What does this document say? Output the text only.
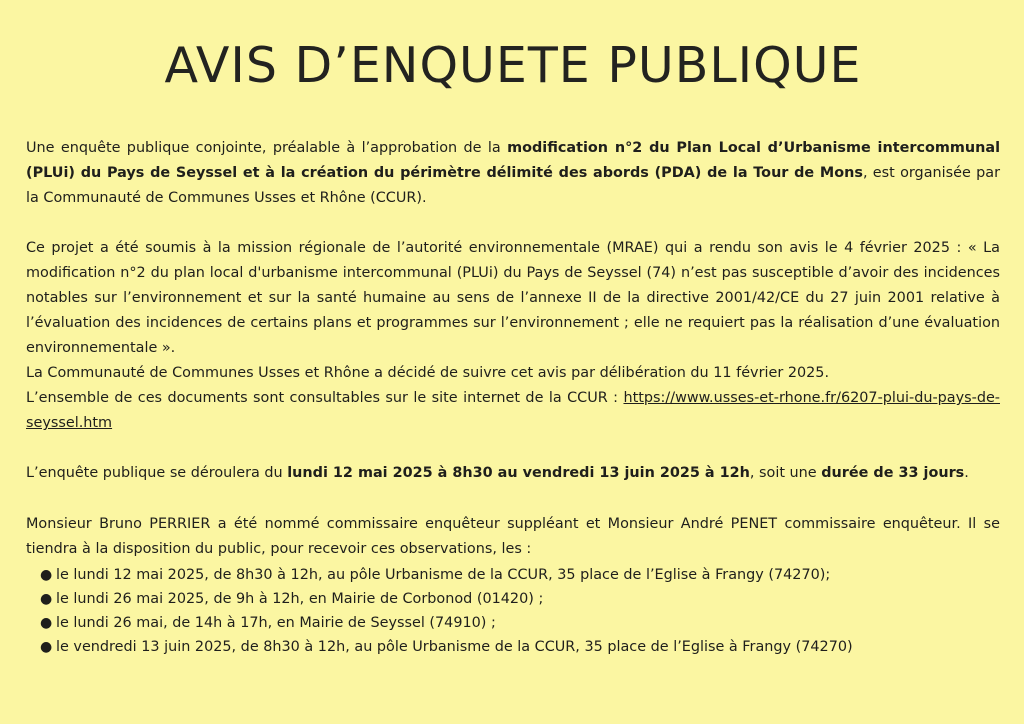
AVIS D’ENQUETE PUBLIQUE

Une enquête publique conjointe, préalable à l’approbation de la modification n°2 du Plan Local d’Urbanisme intercommunal (PLUi) du Pays de Seyssel et à la création du périmètre délimité des abords (PDA) de la Tour de Mons, est organisée par la Communauté de Communes Usses et Rhône (CCUR).

Ce projet a été soumis à la mission régionale de l’autorité environnementale (MRAE) qui a rendu son avis le 4 février 2025 : « La modification n°2 du plan local d'urbanisme intercommunal (PLUi) du Pays de Seyssel (74) n’est pas susceptible d’avoir des incidences notables sur l’environnement et sur la santé humaine au sens de l’annexe II de la directive 2001/42/CE du 27 juin 2001 relative à l’évaluation des incidences de certains plans et programmes sur l’environnement ; elle ne requiert pas la réalisation d’une évaluation environnementale ».

La Communauté de Communes Usses et Rhône a décidé de suivre cet avis par délibération du 11 février 2025.

L’ensemble de ces documents sont consultables sur le site internet de la CCUR : https://www.usses-et-rhone.fr/6207-plui-du-pays-de-seyssel.htm

L’enquête publique se déroulera du lundi 12 mai 2025 à 8h30 au vendredi 13 juin 2025 à 12h, soit une durée de 33 jours.

Monsieur Bruno PERRIER a été nommé commissaire enquêteur suppléant et Monsieur André PENET commissaire enquêteur. Il se tiendra à la disposition du public, pour recevoir ces observations, les :

● le lundi 12 mai 2025, de 8h30 à 12h, au pôle Urbanisme de la CCUR, 35 place de l’Eglise à Frangy (74270);
● le lundi 26 mai 2025, de 9h à 12h, en Mairie de Corbonod (01420) ;
● le lundi 26 mai, de 14h à 17h, en Mairie de Seyssel (74910) ;
● le vendredi 13 juin 2025, de 8h30 à 12h, au pôle Urbanisme de la CCUR, 35 place de l’Eglise à Frangy (74270)
